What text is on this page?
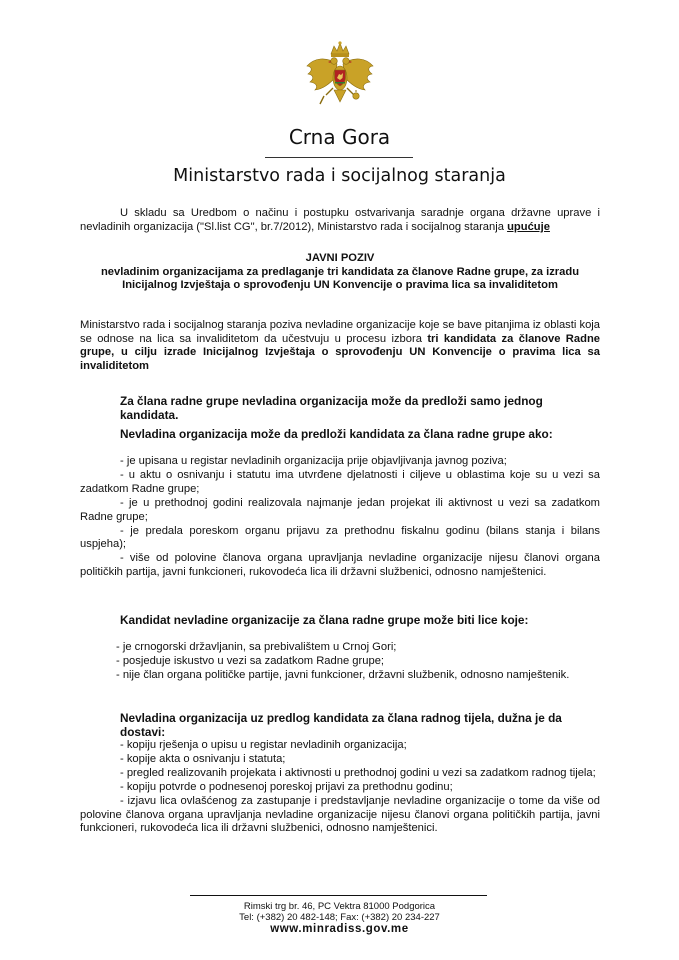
Crna Gora
Ministarstvo rada i socijalnog staranja
U skladu sa Uredbom o načinu i postupku ostvarivanja saradnje organa državne uprave i nevladinih organizacija ("Sl.list CG", br.7/2012), Ministarstvo rada i socijalnog staranja upućuje
JAVNI POZIV
nevladinim organizacijama za predlaganje tri kandidata za članove Radne grupe, za izradu
Inicijalnog Izvještaja o sprovođenju UN Konvencije o pravima lica sa invaliditetom
Ministarstvo rada i socijalnog staranja poziva nevladine organizacije koje se bave pitanjima iz oblasti koja se odnose na lica sa invaliditetom da učestvuju u procesu izbora tri kandidata za članove Radne grupe, u cilju izrade Inicijalnog Izvještaja o sprovođenju UN Konvencije o pravima lica sa invaliditetom
Za člana radne grupe nevladina organizacija može da predloži samo jednog kandidata.
Nevladina organizacija može da predloži kandidata za člana radne grupe ako:
- je upisana u registar nevladinih organizacija prije objavljivanja javnog poziva;
- u aktu o osnivanju i statutu ima utvrđene djelatnosti i ciljeve u oblastima koje su u vezi sa zadatkom Radne grupe;
- je u prethodnoj godini realizovala najmanje jedan projekat ili aktivnost u vezi sa zadatkom Radne grupe;
- je predala poreskom organu prijavu za prethodnu fiskalnu godinu (bilans stanja i bilans uspjeha);
- više od polovine članova organa upravljanja nevladine organizacije nijesu članovi organa političkih partija, javni funkcioneri, rukovodeća lica ili državni službenici, odnosno namještenici.
Kandidat nevladine organizacije za člana radne grupe može biti lice koje:
- je crnogorski državljanin, sa prebivalištem u Crnoj Gori;
- posjeduje iskustvo u vezi sa zadatkom Radne grupe;
- nije član organa političke partije, javni funkcioner, državni službenik, odnosno namještenik.
Nevladina organizacija uz predlog kandidata za člana radnog tijela, dužna je da dostavi:
- kopiju rješenja o upisu u registar nevladinih organizacija;
- kopije akta o osnivanju i statuta;
- pregled realizovanih projekata i aktivnosti u prethodnoj godini u vezi sa zadatkom radnog tijela;
- kopiju potvrde o podnesenoj poreskoj prijavi za prethodnu godinu;
- izjavu lica ovlašćenog za zastupanje i predstavljanje nevladine organizacije o tome da više od polovine članova organa upravljanja nevladine organizacije nijesu članovi organa političkih partija, javni funkcioneri, rukovodeća lica ili državni službenici, odnosno namještenici.
Rimski trg br. 46, PC Vektra 81000 Podgorica
Tel: (+382) 20 482-148; Fax: (+382) 20 234-227
www.minradiss.gov.me
